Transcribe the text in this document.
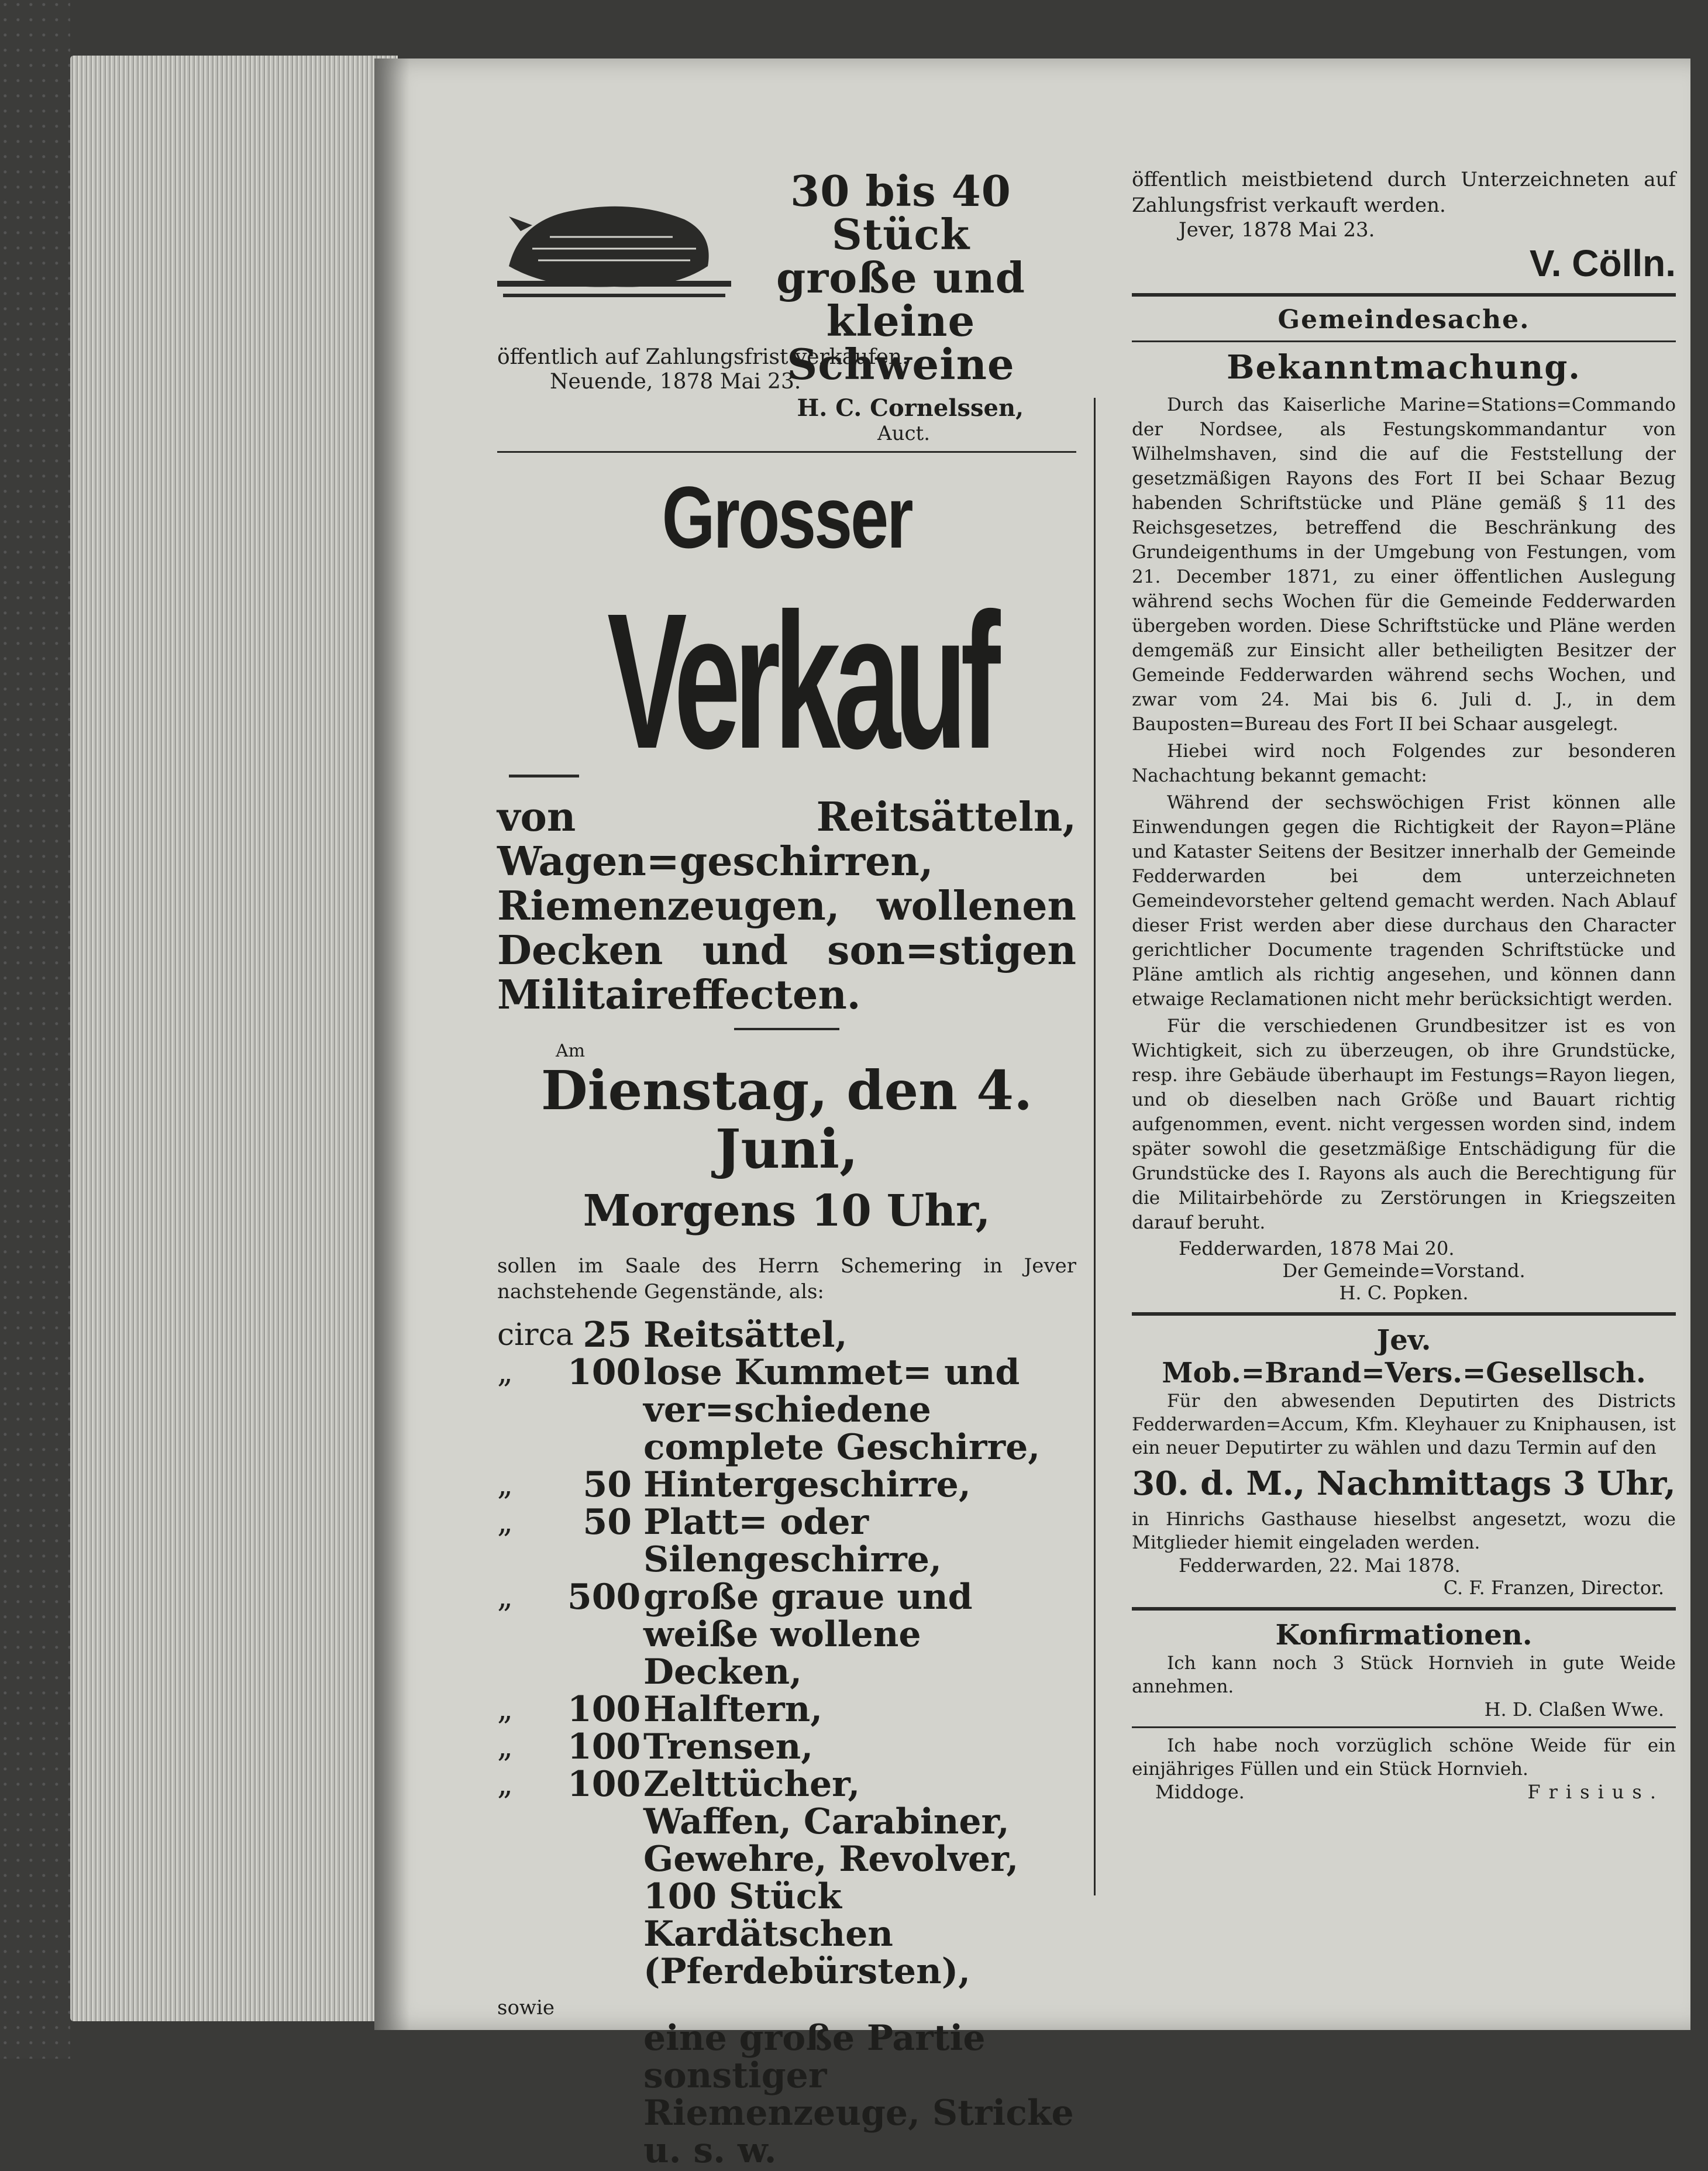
30 bis 40 Stück
große und kleine
Schweine
öffentlich auf Zahlungsfrist verkaufen.
Neuende, 1878 Mai 23.
H. C. Cornelssen,
Auct.
Grosser
Verkauf
von Reitsätteln, Wagen=geschirren, Riemenzeugen, wollenen Decken und son=stigen Militaireffecten.
Am
Dienstag, den 4. Juni,
Morgens 10 Uhr,
sollen im Saale des Herrn Schemering in Jever nachstehende Gegenstände, als:
circa 25 Reitsättel,
„	100 lose Kummet= und ver=schiedene complete Geschirre,
„	50 Hintergeschirre,
„	50 Platt= oder Silengeschirre,
„	500 große graue und weiße wollene Decken,
„	100 Halftern,
„	100 Trensen,
„	100 Zelttücher,
Waffen, Carabiner, Gewehre, Revolver, 100 Stück Kardätschen (Pferdebürsten),
sowie
eine große Partie sonstiger Riemenzeuge, Stricke u. s. w.
öffentlich meistbietend durch Unterzeichneten auf Zahlungsfrist verkauft werden.
Jever, 1878 Mai 23.
V. Cölln.
Gemeindesache.
Bekanntmachung.

Durch das Kaiserliche Marine=Stations=Commando der Nordsee, als Festungskommandantur von Wilhelmshaven, sind die auf die Feststellung der gesetzmäßigen Rayons des Fort II bei Schaar Bezug habenden Schriftstücke und Pläne gemäß § 11 des Reichsgesetzes, betreffend die Beschränkung des Grundeigenthums in der Umgebung von Festungen, vom 21. December 1871, zu einer öffentlichen Auslegung während sechs Wochen für die Gemeinde Fedderwarden übergeben worden. Diese Schriftstücke und Pläne werden demgemäß zur Einsicht aller betheiligten Besitzer der Gemeinde Fedderwarden während sechs Wochen, und zwar vom 24. Mai bis 6. Juli d. J., in dem Bauposten=Bureau des Fort II bei Schaar ausgelegt.

Hiebei wird noch Folgendes zur besonderen Nachachtung bekannt gemacht:

Während der sechswöchigen Frist können alle Einwendungen gegen die Richtigkeit der Rayon=Pläne und Kataster Seitens der Besitzer innerhalb der Gemeinde Fedderwarden bei dem unterzeichneten Gemeindevorsteher geltend gemacht werden. Nach Ablauf dieser Frist werden aber diese durchaus den Character gerichtlicher Documente tragenden Schriftstücke und Pläne amtlich als richtig angesehen, und können dann etwaige Reclamationen nicht mehr berücksichtigt werden.

Für die verschiedenen Grundbesitzer ist es von Wichtigkeit, sich zu überzeugen, ob ihre Grundstücke, resp. ihre Gebäude überhaupt im Festungs=Rayon liegen, und ob dieselben nach Größe und Bauart richtig aufgenommen, event. nicht vergessen worden sind, indem später sowohl die gesetzmäßige Entschädigung für die Grundstücke des I. Rayons als auch die Berechtigung für die Militairbehörde zu Zerstörungen in Kriegszeiten darauf beruht.

Fedderwarden, 1878 Mai 20.
Der Gemeinde=Vorstand.
H. C. Popken.
Jev. Mob.=Brand=Vers.=Gesellsch.
Für den abwesenden Deputirten des Districts Fedderwarden=Accum, Kfm. Kleyhauer zu Kniphausen, ist ein neuer Deputirter zu wählen und dazu Termin auf den
30. d. M., Nachmittags 3 Uhr,
in Hinrichs Gasthause hieselbst angesetzt, wozu die Mitglieder hiemit eingeladen werden.
Fedderwarden, 22. Mai 1878.
C. F. Franzen, Director.
Konfirmationen.
Ich kann noch 3 Stück Hornvieh in gute Weide annehmen.
H. D. Claßen Wwe.
Ich habe noch vorzüglich schöne Weide für ein einjähriges Füllen und ein Stück Hornvieh.
Middoge.	Frisius.
